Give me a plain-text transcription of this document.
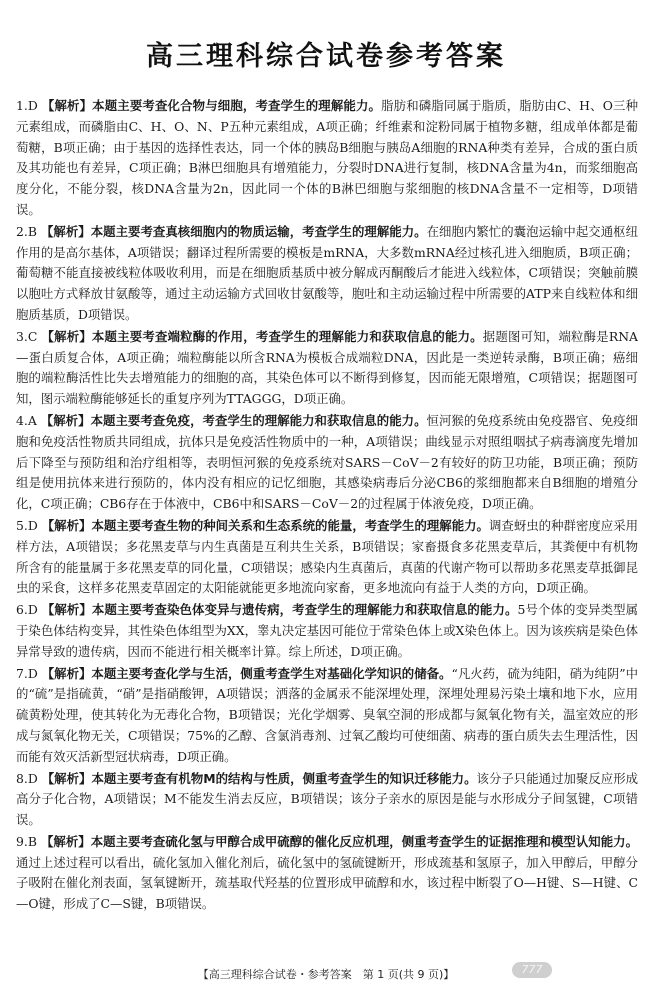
高三理科综合试卷参考答案

1.D 【解析】本题主要考查化合物与细胞，考查学生的理解能力。脂肪和磷脂同属于脂质，脂肪由C、H、O三种元素组成，而磷脂由C、H、O、N、P五种元素组成，A项正确；纤维素和淀粉同属于植物多糖，组成单体都是葡萄糖，B项正确；由于基因的选择性表达，同一个体的胰岛B细胞与胰岛A细胞的RNA种类有差异，合成的蛋白质及其功能也有差异，C项正确；B淋巴细胞具有增殖能力，分裂时DNA进行复制，核DNA含量为4n，而浆细胞高度分化，不能分裂，核DNA含量为2n，因此同一个体的B淋巴细胞与浆细胞的核DNA含量不一定相等，D项错误。

2.B 【解析】本题主要考查真核细胞内的物质运输，考查学生的理解能力。在细胞内繁忙的囊泡运输中起交通枢纽作用的是高尔基体，A项错误；翻译过程所需要的模板是mRNA，大多数mRNA经过核孔进入细胞质，B项正确；葡萄糖不能直接被线粒体吸收利用，而是在细胞质基质中被分解成丙酮酸后才能进入线粒体，C项错误；突触前膜以胞吐方式释放甘氨酸等，通过主动运输方式回收甘氨酸等，胞吐和主动运输过程中所需要的ATP来自线粒体和细胞质基质，D项错误。

3.C 【解析】本题主要考查端粒酶的作用，考查学生的理解能力和获取信息的能力。据题图可知，端粒酶是RNA—蛋白质复合体，A项正确；端粒酶能以所含RNA为模板合成端粒DNA，因此是一类逆转录酶，B项正确；癌细胞的端粒酶活性比失去增殖能力的细胞的高，其染色体可以不断得到修复，因而能无限增殖，C项错误；据题图可知，图示端粒酶能够延长的重复序列为TTAGGG，D项正确。

4.A 【解析】本题主要考查免疫，考查学生的理解能力和获取信息的能力。恒河猴的免疫系统由免疫器官、免疫细胞和免疫活性物质共同组成，抗体只是免疫活性物质中的一种，A项错误；曲线显示对照组咽拭子病毒滴度先增加后下降至与预防组和治疗组相等，表明恒河猴的免疫系统对SARS－CoV－2有较好的防卫功能，B项正确；预防组是使用抗体来进行预防的，体内没有相应的记忆细胞，其感染病毒后分泌CB6的浆细胞都来自B细胞的增殖分化，C项正确；CB6存在于体液中，CB6中和SARS－CoV－2的过程属于体液免疫，D项正确。

5.D 【解析】本题主要考查生物的种间关系和生态系统的能量，考查学生的理解能力。调查蚜虫的种群密度应采用样方法，A项错误；多花黑麦草与内生真菌是互利共生关系，B项错误；家畜摄食多花黑麦草后，其粪便中有机物所含有的能量属于多花黑麦草的同化量，C项错误；感染内生真菌后，真菌的代谢产物可以帮助多花黑麦草抵御昆虫的采食，这样多花黑麦草固定的太阳能就能更多地流向家畜，更多地流向有益于人类的方向，D项正确。

6.D 【解析】本题主要考查染色体变异与遗传病，考查学生的理解能力和获取信息的能力。5号个体的变异类型属于染色体结构变异，其性染色体组型为XX，睾丸决定基因可能位于常染色体上或X染色体上。因为该疾病是染色体异常导致的遗传病，因而不能进行相关概率计算。综上所述，D项正确。

7.D 【解析】本题主要考查化学与生活，侧重考查学生对基础化学知识的储备。“凡火药，硫为纯阳，硝为纯阴”中的“硫”是指硫黄，“硝”是指硝酸钾，A项错误；洒落的金属汞不能深埋处理，深埋处理易污染土壤和地下水，应用硫黄粉处理，使其转化为无毒化合物，B项错误；光化学烟雾、臭氧空洞的形成都与氮氧化物有关，温室效应的形成与氮氧化物无关，C项错误；75%的乙醇、含氯消毒剂、过氧乙酸均可使细菌、病毒的蛋白质失去生理活性，因而能有效灭活新型冠状病毒，D项正确。

8.D 【解析】本题主要考查有机物M的结构与性质，侧重考查学生的知识迁移能力。该分子只能通过加聚反应形成高分子化合物，A项错误；M不能发生消去反应，B项错误；该分子亲水的原因是能与水形成分子间氢键，C项错误。

9.B 【解析】本题主要考查硫化氢与甲醇合成甲硫醇的催化反应机理，侧重考查学生的证据推理和模型认知能力。通过上述过程可以看出，硫化氢加入催化剂后，硫化氢中的氢硫键断开，形成巯基和氢原子，加入甲醇后，甲醇分子吸附在催化剂表面，氢氧键断开，巯基取代羟基的位置形成甲硫醇和水，该过程中断裂了O—H键、S—H键、C—O键，形成了C—S键，B项错误。

【高三理科综合试卷・参考答案　第 1 页(共 9 页)】	777
